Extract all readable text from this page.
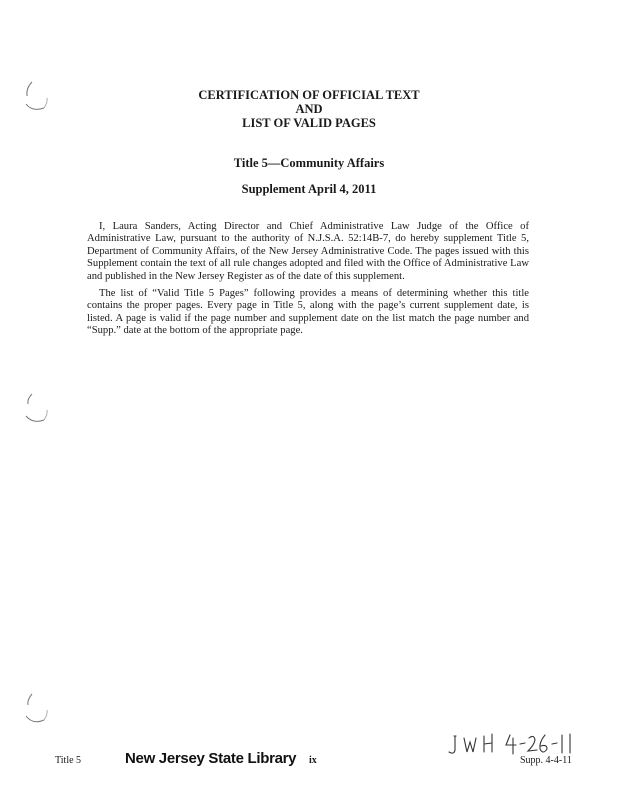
CERTIFICATION OF OFFICIAL TEXT
AND
LIST OF VALID PAGES
Title 5—Community Affairs
Supplement April 4, 2011

I, Laura Sanders, Acting Director and Chief Administrative Law Judge of the Office of Administrative Law, pursuant to the authority of N.J.S.A. 52:14B-7, do hereby supplement Title 5, Department of Community Affairs, of the New Jersey Administrative Code. The pages issued with this Supplement contain the text of all rule changes adopted and filed with the Office of Administrative Law and published in the New Jersey Register as of the date of this supplement.

The list of “Valid Title 5 Pages” following provides a means of determining whether this title contains the proper pages. Every page in Title 5, along with the page’s current supplement date, is listed. A page is valid if the page number and supplement date on the list match the page number and “Supp.” date at the bottom of the appropriate page.

Title 5	New Jersey State Library ix	Supp. 4-4-11
